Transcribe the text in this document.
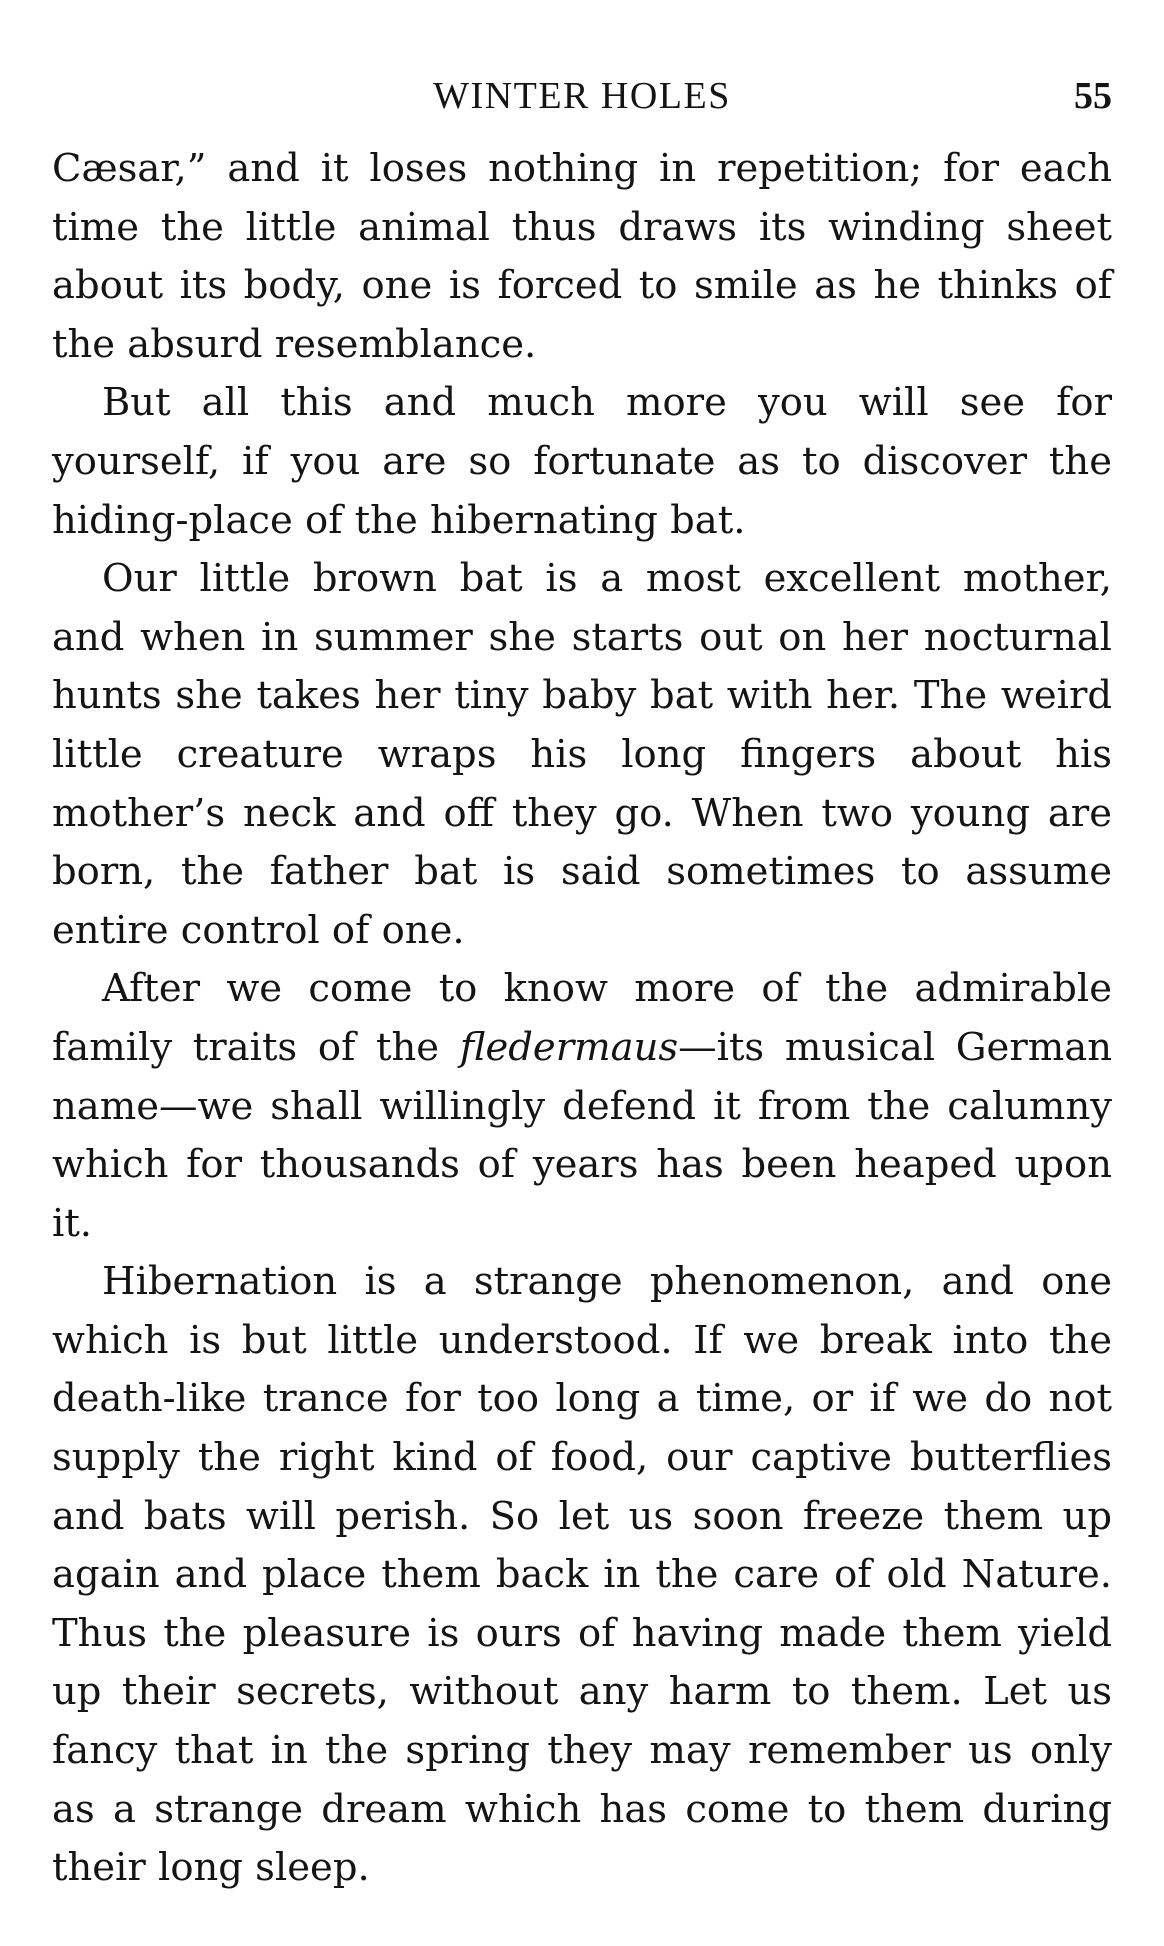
WINTER HOLES	55

Cæsar,” and it loses nothing in repetition; for each time the little animal thus draws its winding sheet about its body, one is forced to smile as he thinks of the absurd resemblance.

But all this and much more you will see for yourself, if you are so fortunate as to discover the hiding-place of the hibernating bat.

Our little brown bat is a most excellent mother, and when in summer she starts out on her nocturnal hunts she takes her tiny baby bat with her. The weird little creature wraps his long fingers about his mother’s neck and off they go. When two young are born, the father bat is said sometimes to assume entire control of one.

After we come to know more of the admirable family traits of the fledermaus—its musical German name—we shall willingly defend it from the calumny which for thousands of years has been heaped upon it.

Hibernation is a strange phenomenon, and one which is but little understood. If we break into the death-like trance for too long a time, or if we do not supply the right kind of food, our captive butterflies and bats will perish. So let us soon freeze them up again and place them back in the care of old Nature. Thus the pleasure is ours of having made them yield up their secrets, without any harm to them. Let us fancy that in the spring they may remember us only as a strange dream which has come to them during their long sleep.
